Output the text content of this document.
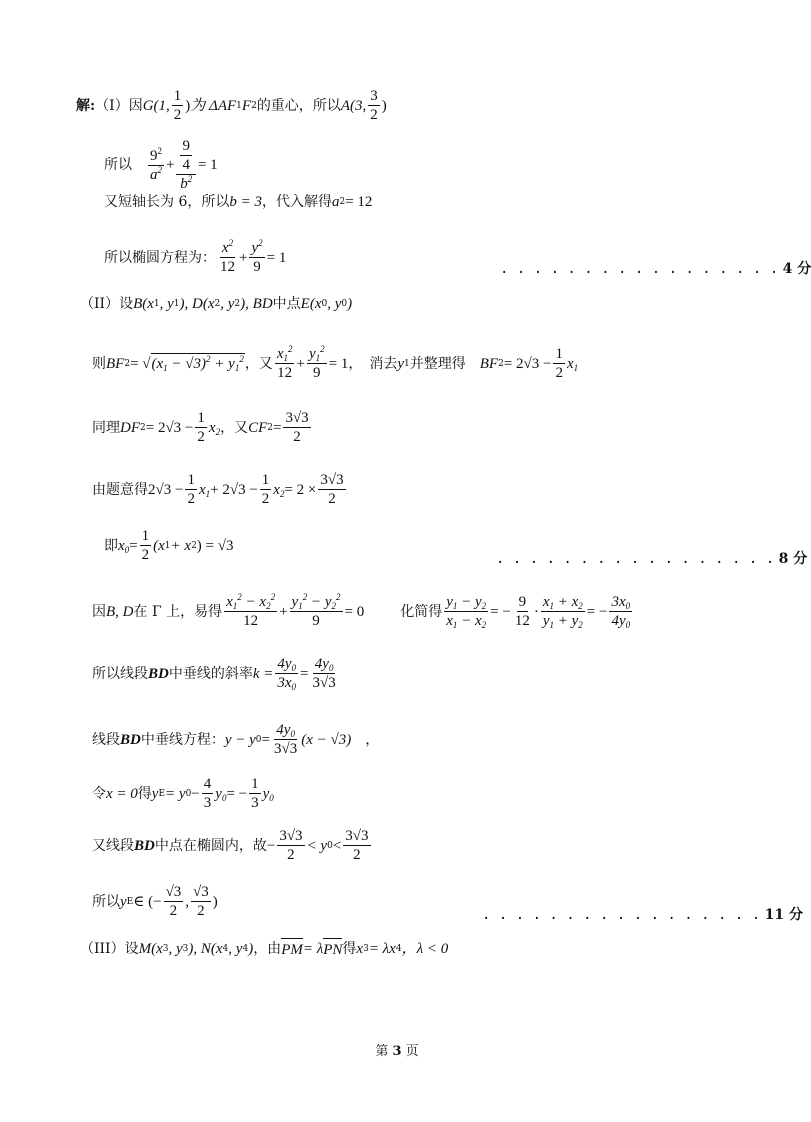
解: （I） 因 G(1, $\frac{1}{2}$ ) 为 ΔAF 1 F 2 的重心，所以 A(3, $\frac{3}{2}$ )
所以 $\frac{9^2}{a^2} + \frac{\frac{9}{4}}{b^2} = 1$
又短轴长为 6，所以 b = 3 ，代入解得 a 2 = 12
所以椭圆方程为： $\frac{x^2}{12} + \frac{y^2}{9} = 1$
. . . . . . . . . . . . . . . . . 4 分
（II） 设 B(x 1 , y 1 ), D(x 2 , y 2 ), BD 中点 E(x 0 , y 0 )
则 BF 2 = √ $(x_1 - √3)^2 + y_1^2$ ，又 $\frac{x_1^2}{12} + \frac{y_1^2}{9} = 1$ ，　消去 y 1 并整理得 BF $2 = 2√3 - \frac{1}{2} x_1$
同理 DF $2 = 2√3 - \frac{1}{2} x_2$ ，又 CF $2 = \frac{3√3}{2}$
由题意得 $2√3 - \frac{1}{2} x_1 + 2√3 - \frac{1}{2} x_2 = 2 \times \frac{3√3}{2}$
即 $x_0 = \frac{1}{2} (x$ 1 + x 2 ) = √3
. . . . . . . . . . . . . . . . . 8 分
因 B, D 在 Γ 上，易得 $\frac{x_1^2 - x_2^2}{12} + \frac{y_1^2 - y_2^2}{9} = 0$	化简得 $\frac{y_1 - y_2}{x_1 - x_2}$ = − $\frac{9}{12} \cdot \frac{x_1 + x_2}{y_1 + y_2}$ = − $\frac{3x_0}{4y_0}$
所以线段 BD 中垂线的斜率 $k = \frac{4y_0}{3x_0} = \frac{4y_0}{3√3}$
线段 BD 中垂线方程： y − y $0 = \frac{4y_0}{3√3} (x - √3)$ ，
令 x = 0 得 y E = y $0 - \frac{4}{3} y_0$ = − $\frac{1}{3} y_0$
又线段 BD 中点在椭圆内，故 − $\frac{3√3}{2} < y$ $0 < \frac{3√3}{2}$
所以 y E ∈ (− $\frac{√3}{2}$ , $\frac{√3}{2}$ )
. . . . . . . . . . . . . . . . . 11 分
（III） 设 M(x 3 , y 3 ), N(x 4 , y 4 ) ，由 PM = λ PN 得 x 3 = λx 4 ，λ < 0
第 3 页
